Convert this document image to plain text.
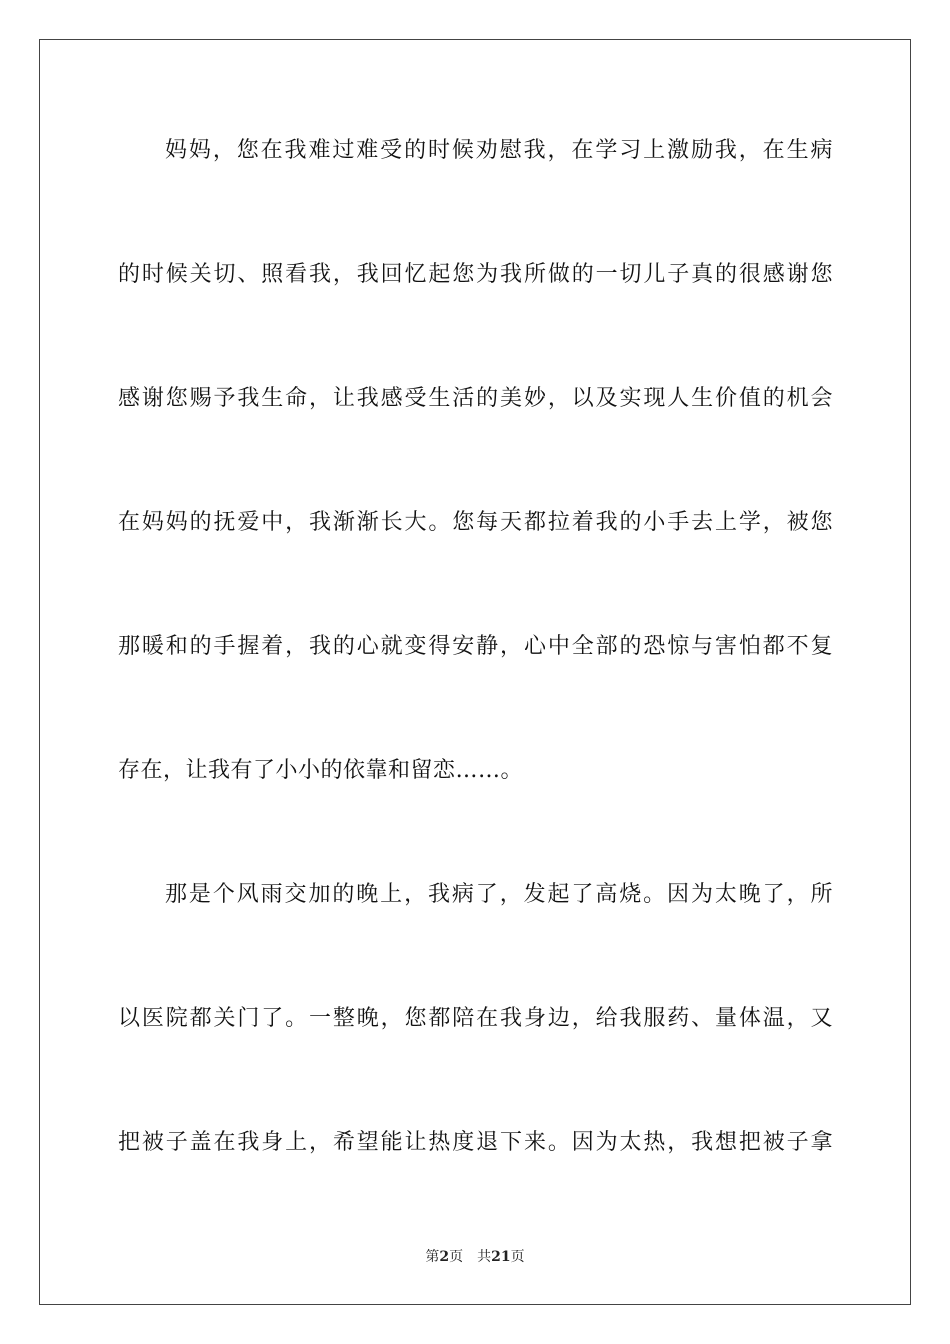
妈妈，您在我难过难受的时候劝慰我，在学习上激励我，在生病
的时候关切、照看我，我回忆起您为我所做的一切儿子真的很感谢您
感谢您赐予我生命，让我感受生活的美妙，以及实现人生价值的机会
在妈妈的抚爱中，我渐渐长大。您每天都拉着我的小手去上学，被您
那暖和的手握着，我的心就变得安静，心中全部的恐惊与害怕都不复
存在，让我有了小小的依靠和留恋……。
那是个风雨交加的晚上，我病了，发起了高烧。因为太晚了，所
以医院都关门了。一整晚，您都陪在我身边，给我服药、量体温，又
把被子盖在我身上，希望能让热度退下来。因为太热，我想把被子拿
第2页 共21页
